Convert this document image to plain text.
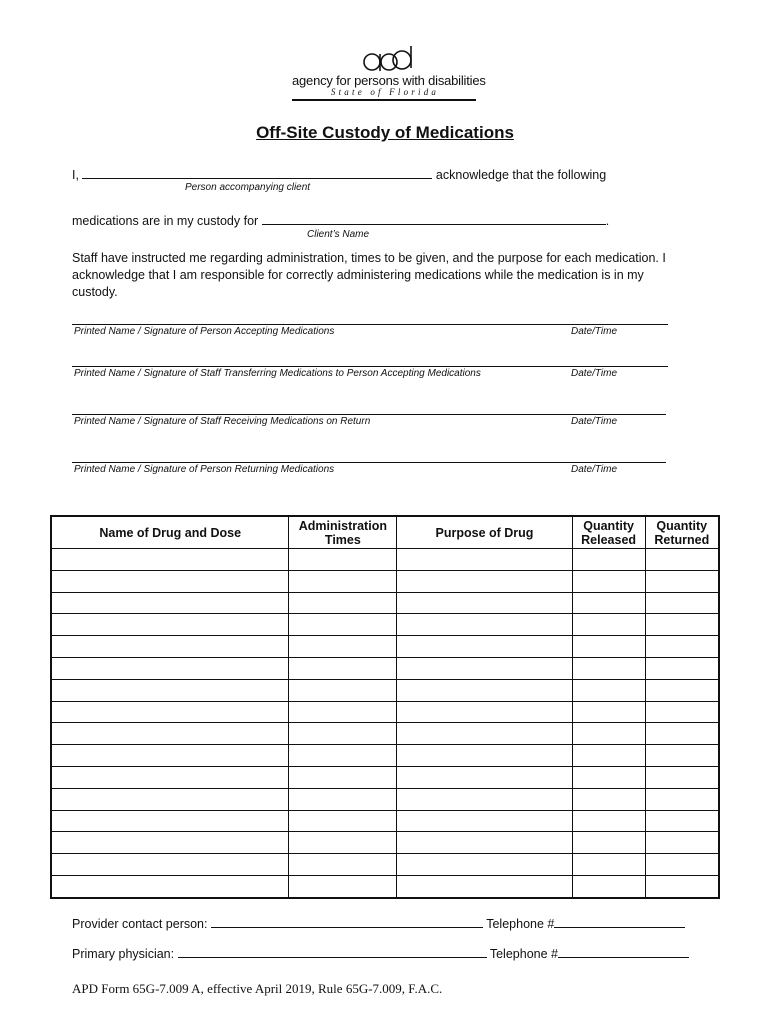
agency for persons with disabilities
State of Florida
Off-Site Custody of Medications
I,	acknowledge that the following
Person accompanying client
medications are in my custody for	.
Client’s Name
Staff have instructed me regarding administration, times to be given, and the purpose for each medication. I acknowledge that I am responsible for correctly administering medications while the medication is in my custody.
Printed Name / Signature of Person Accepting Medications	Date/Time
Printed Name / Signature of Staff Transferring Medications to Person Accepting Medications	Date/Time
Printed Name / Signature of Staff Receiving Medications on Return	Date/Time
Printed Name / Signature of Person Returning Medications	Date/Time
Name of Drug and Dose	Administration Times	Purpose of Drug	Quantity Released	Quantity Returned

Provider contact person:	Telephone #
Primary physician:	Telephone #
APD Form 65G-7.009 A, effective April 2019, Rule 65G-7.009, F.A.C.
